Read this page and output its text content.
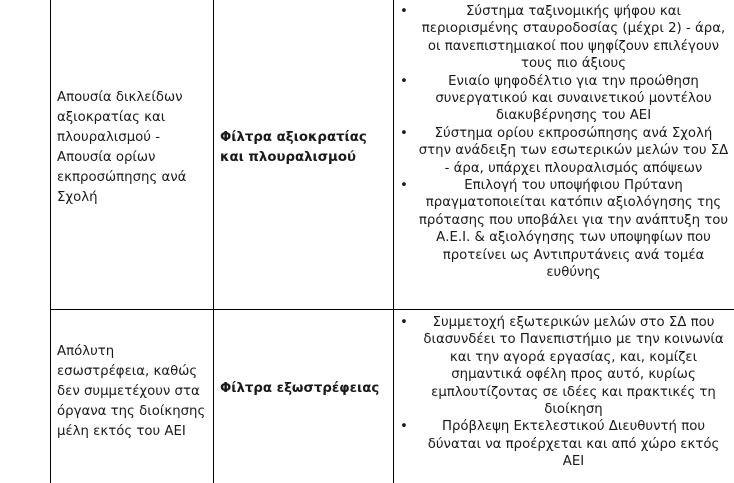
Απουσία δικλείδων αξιοκρατίας και πλουραλισμού - Απουσία ορίων εκπροσώπησης ανά Σχολή
Φίλτρα αξιοκρατίας και πλουραλισμού
• Σύστημα ταξινομικής ψήφου και περιορισμένης σταυροδοσίας (μέχρι 2) - άρα, οι πανεπιστημιακοί που ψηφίζουν επιλέγουν τους πιο άξιους
• Ενιαίο ψηφοδέλτιο για την προώθηση συνεργατικού και συναινετικού μοντέλου διακυβέρνησης του ΑΕΙ
• Σύστημα ορίου εκπροσώπησης ανά Σχολή στην ανάδειξη των εσωτερικών μελών του ΣΔ - άρα, υπάρχει πλουραλισμός απόψεων
• Επιλογή του υποψήφιου Πρύτανη πραγματοποιείται κατόπιν αξιολόγησης της πρότασης που υποβάλει για την ανάπτυξη του Α.Ε.Ι. & αξιολόγησης των υποψηφίων που προτείνει ως Αντιπρυτάνεις ανά τομέα ευθύνης
Απόλυτη εσωστρέφεια, καθώς δεν συμμετέχουν στα όργανα της διοίκησης μέλη εκτός του ΑΕΙ
Φίλτρα εξωστρέφειας
• Συμμετοχή εξωτερικών μελών στο ΣΔ που διασυνδέει το Πανεπιστήμιο με την κοινωνία και την αγορά εργασίας, και, κομίζει σημαντικά οφέλη προς αυτό, κυρίως εμπλουτίζοντας σε ιδέες και πρακτικές τη διοίκηση
• Πρόβλεψη Εκτελεστικού Διευθυντή που δύναται να προέρχεται και από χώρο εκτός ΑΕΙ
